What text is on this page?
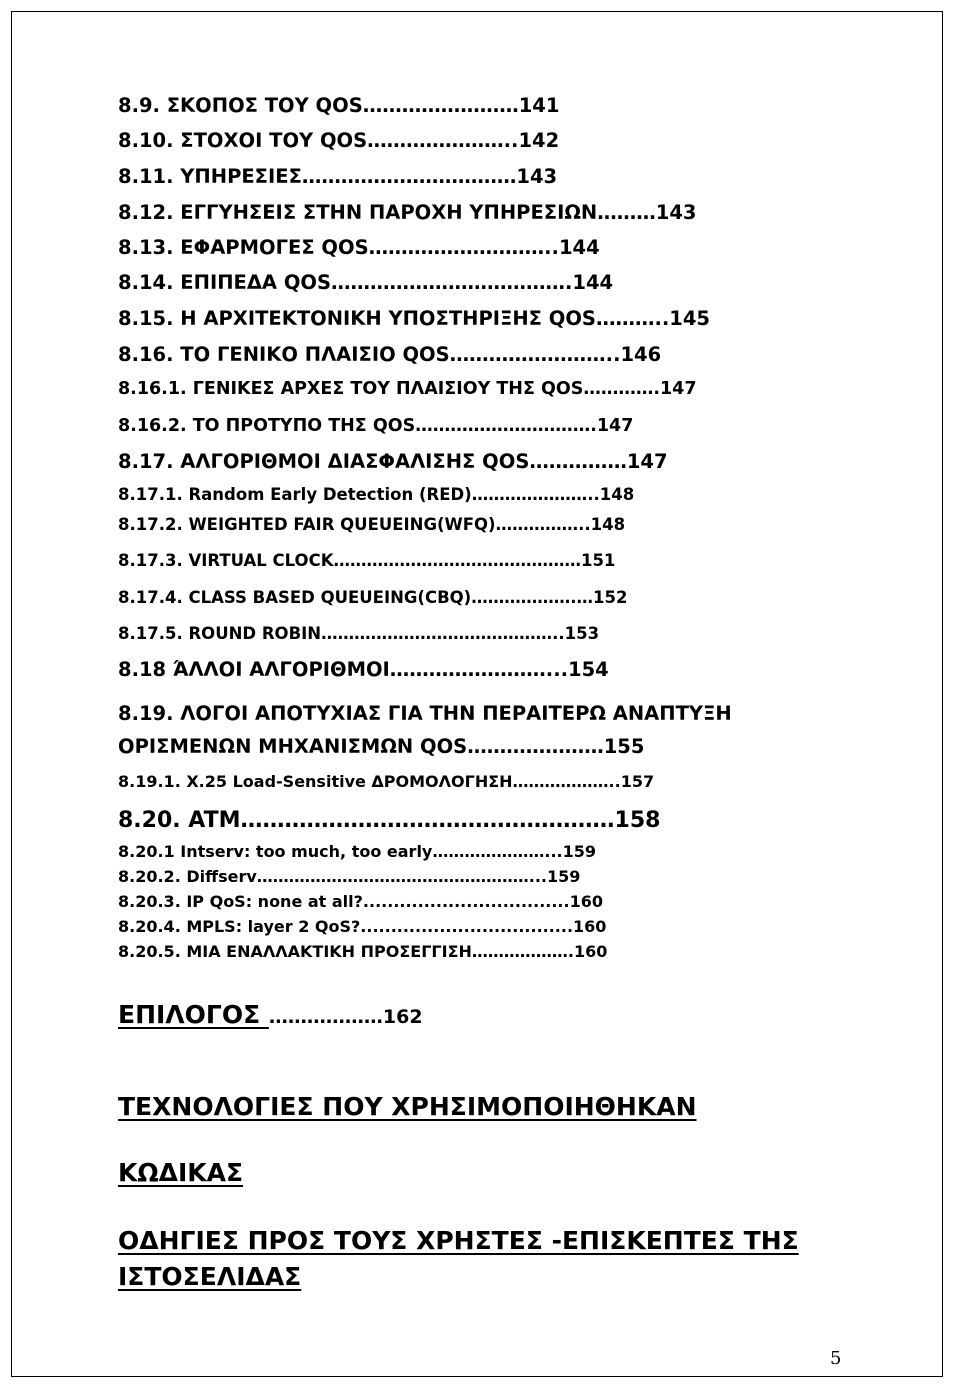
8.9. ΣΚΟΠΟΣ ΤΟΥ QOS……………………141

8.10. ΣΤΟΧΟΙ ΤΟΥ QOS…………………..142

8.11. ΥΠΗΡΕΣΙΕΣ……………………………143

8.12. ΕΓΓΥΗΣΕΙΣ ΣΤΗΝ ΠΑΡΟΧΗ ΥΠΗΡΕΣΙΩΝ………143

8.13. ΕΦΑΡΜΟΓΕΣ QOS………………………..144

8.14. ΕΠΙΠΕΔΑ QOS……………………………….144

8.15. Η ΑΡΧΙΤΕΚΤΟΝΙΚΗ ΥΠΟΣΤΗΡΙΞΗΣ QOS………..145

8.16. ΤΟ ΓΕΝΙΚΟ ΠΛΑΙΣΙΟ QOS……………………..146

8.16.1. ΓΕΝΙΚΕΣ ΑΡΧΕΣ ΤΟΥ ΠΛΑΙΣΙΟΥ ΤΗΣ QOS………….147

8.16.2. ΤΟ ΠΡΟΤΥΠΟ ΤΗΣ QOS………………………….147

8.17. ΑΛΓΟΡΙΘΜΟΙ ΔΙΑΣΦΑΛΙΣΗΣ QOS……………147

8.17.1. Random Early Detection (RED)…………………..148

8.17.2. WEIGHTED FAIR QUEUEING(WFQ)……………..148

8.17.3. VIRTUAL CLOCK………………………………………151

8.17.4. CLASS BASED QUEUEING(CBQ)……………….…152

8.17.5. ROUND ROBIN……………………………………..153

8.18 ΆΛΛΟΙ ΑΛΓΟΡΙΘΜΟΙ……………………...154

8.19. ΛΟΓΟΙ ΑΠΟΤΥΧΙΑΣ ΓΙΑ ΤΗΝ ΠΕΡΑΙΤΕΡΩ ΑΝΑΠΤΥΞΗ

ΟΡΙΣΜΕΝΩΝ ΜΗΧΑΝΙΣΜΩΝ QOS…………………155

8.19.1. X.25 Load-Sensitive ΔΡΟΜΟΛΟΓΗΣΗ………………..157

8.20. ATM……………………………………………158

8.20.1 Intserv: too much, too early…………………...159

8.20.2. Diffserv……………………………………………...159

8.20.3. IP QoS: none at all?..................................160

8.20.4. MPLS: layer 2 QoS?...................................160

8.20.5. ΜΙΑ ΕΝΑΛΛΑΚΤΙΚΗ ΠΡΟΣΕΓΓΙΣΗ……………….160

ΕΠΙΛΟΓΟΣ ………………162

ΤΕΧΝΟΛΟΓΙΕΣ ΠΟΥ ΧΡΗΣΙΜΟΠΟΙΗΘΗΚΑΝ

ΚΩΔΙΚΑΣ

ΟΔΗΓΙΕΣ ΠΡΟΣ ΤΟΥΣ ΧΡΗΣΤΕΣ -ΕΠΙΣΚΕΠΤΕΣ ΤΗΣ

ΙΣΤΟΣΕΛΙΔΑΣ

5
